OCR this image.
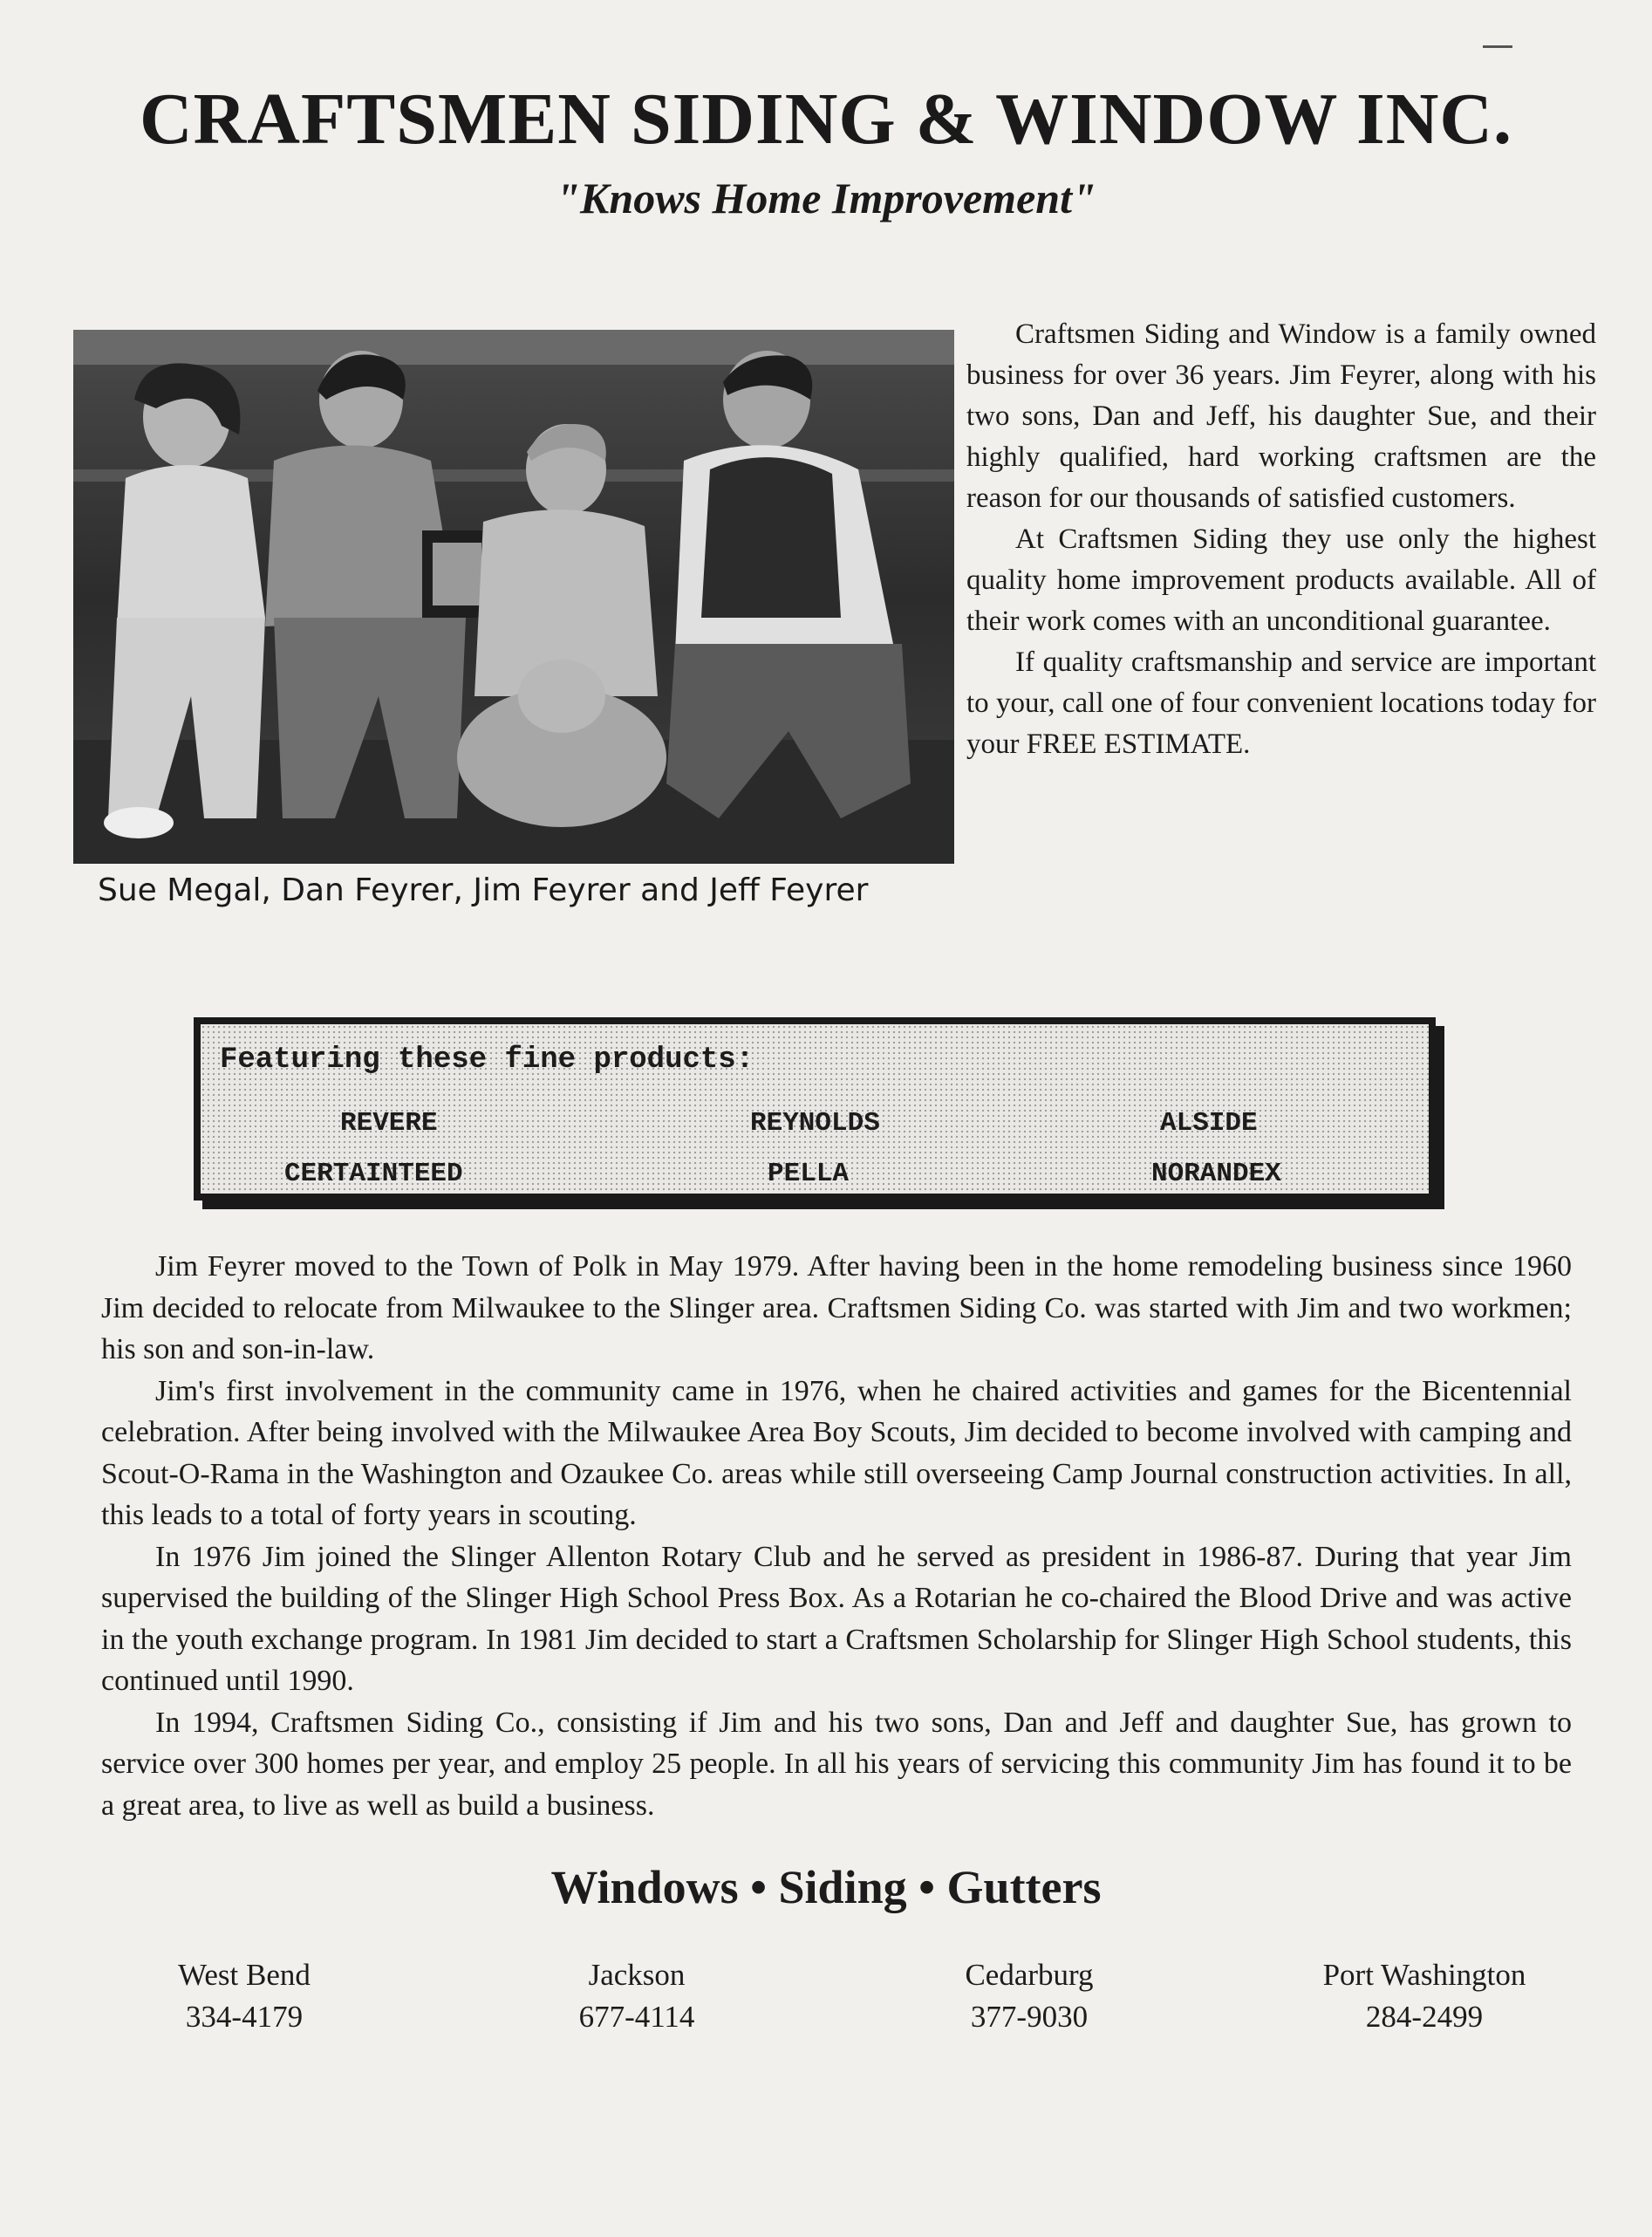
CRAFTSMEN SIDING & WINDOW INC.
"Knows Home Improvement"
Sue Megal, Dan Feyrer, Jim Feyrer and Jeff Feyrer

Craftsmen Siding and Window is a family owned business for over 36 years. Jim Feyrer, along with his two sons, Dan and Jeff, his daughter Sue, and their highly qualified, hard working craftsmen are the reason for our thousands of satisfied customers.

At Craftsmen Siding they use only the highest quality home improvement products available. All of their work comes with an unconditional guarantee.

If quality craftsmanship and service are important to your, call one of four convenient locations today for your FREE ESTIMATE.

Featuring these fine products:
REVERE	REYNOLDS	ALSIDE
CERTAINTEED	PELLA	NORANDEX

Jim Feyrer moved to the Town of Polk in May 1979. After having been in the home remodeling business since 1960 Jim decided to relocate from Milwaukee to the Slinger area. Craftsmen Siding Co. was started with Jim and two workmen; his son and son-in-law.

Jim's first involvement in the community came in 1976, when he chaired activities and games for the Bicentennial celebration. After being involved with the Milwaukee Area Boy Scouts, Jim decided to become involved with camping and Scout-O-Rama in the Washington and Ozaukee Co. areas while still overseeing Camp Journal construction activities. In all, this leads to a total of forty years in scouting.

In 1976 Jim joined the Slinger Allenton Rotary Club and he served as president in 1986-87. During that year Jim supervised the building of the Slinger High School Press Box. As a Rotarian he co-chaired the Blood Drive and was active in the youth exchange program. In 1981 Jim decided to start a Craftsmen Scholarship for Slinger High School students, this continued until 1990.

In 1994, Craftsmen Siding Co., consisting if Jim and his two sons, Dan and Jeff and daughter Sue, has grown to service over 300 homes per year, and employ 25 people. In all his years of servicing this community Jim has found it to be a great area, to live as well as build a business.

Windows • Siding • Gutters
West Bend
334-4179
Jackson
677-4114
Cedarburg
377-9030
Port Washington
284-2499
